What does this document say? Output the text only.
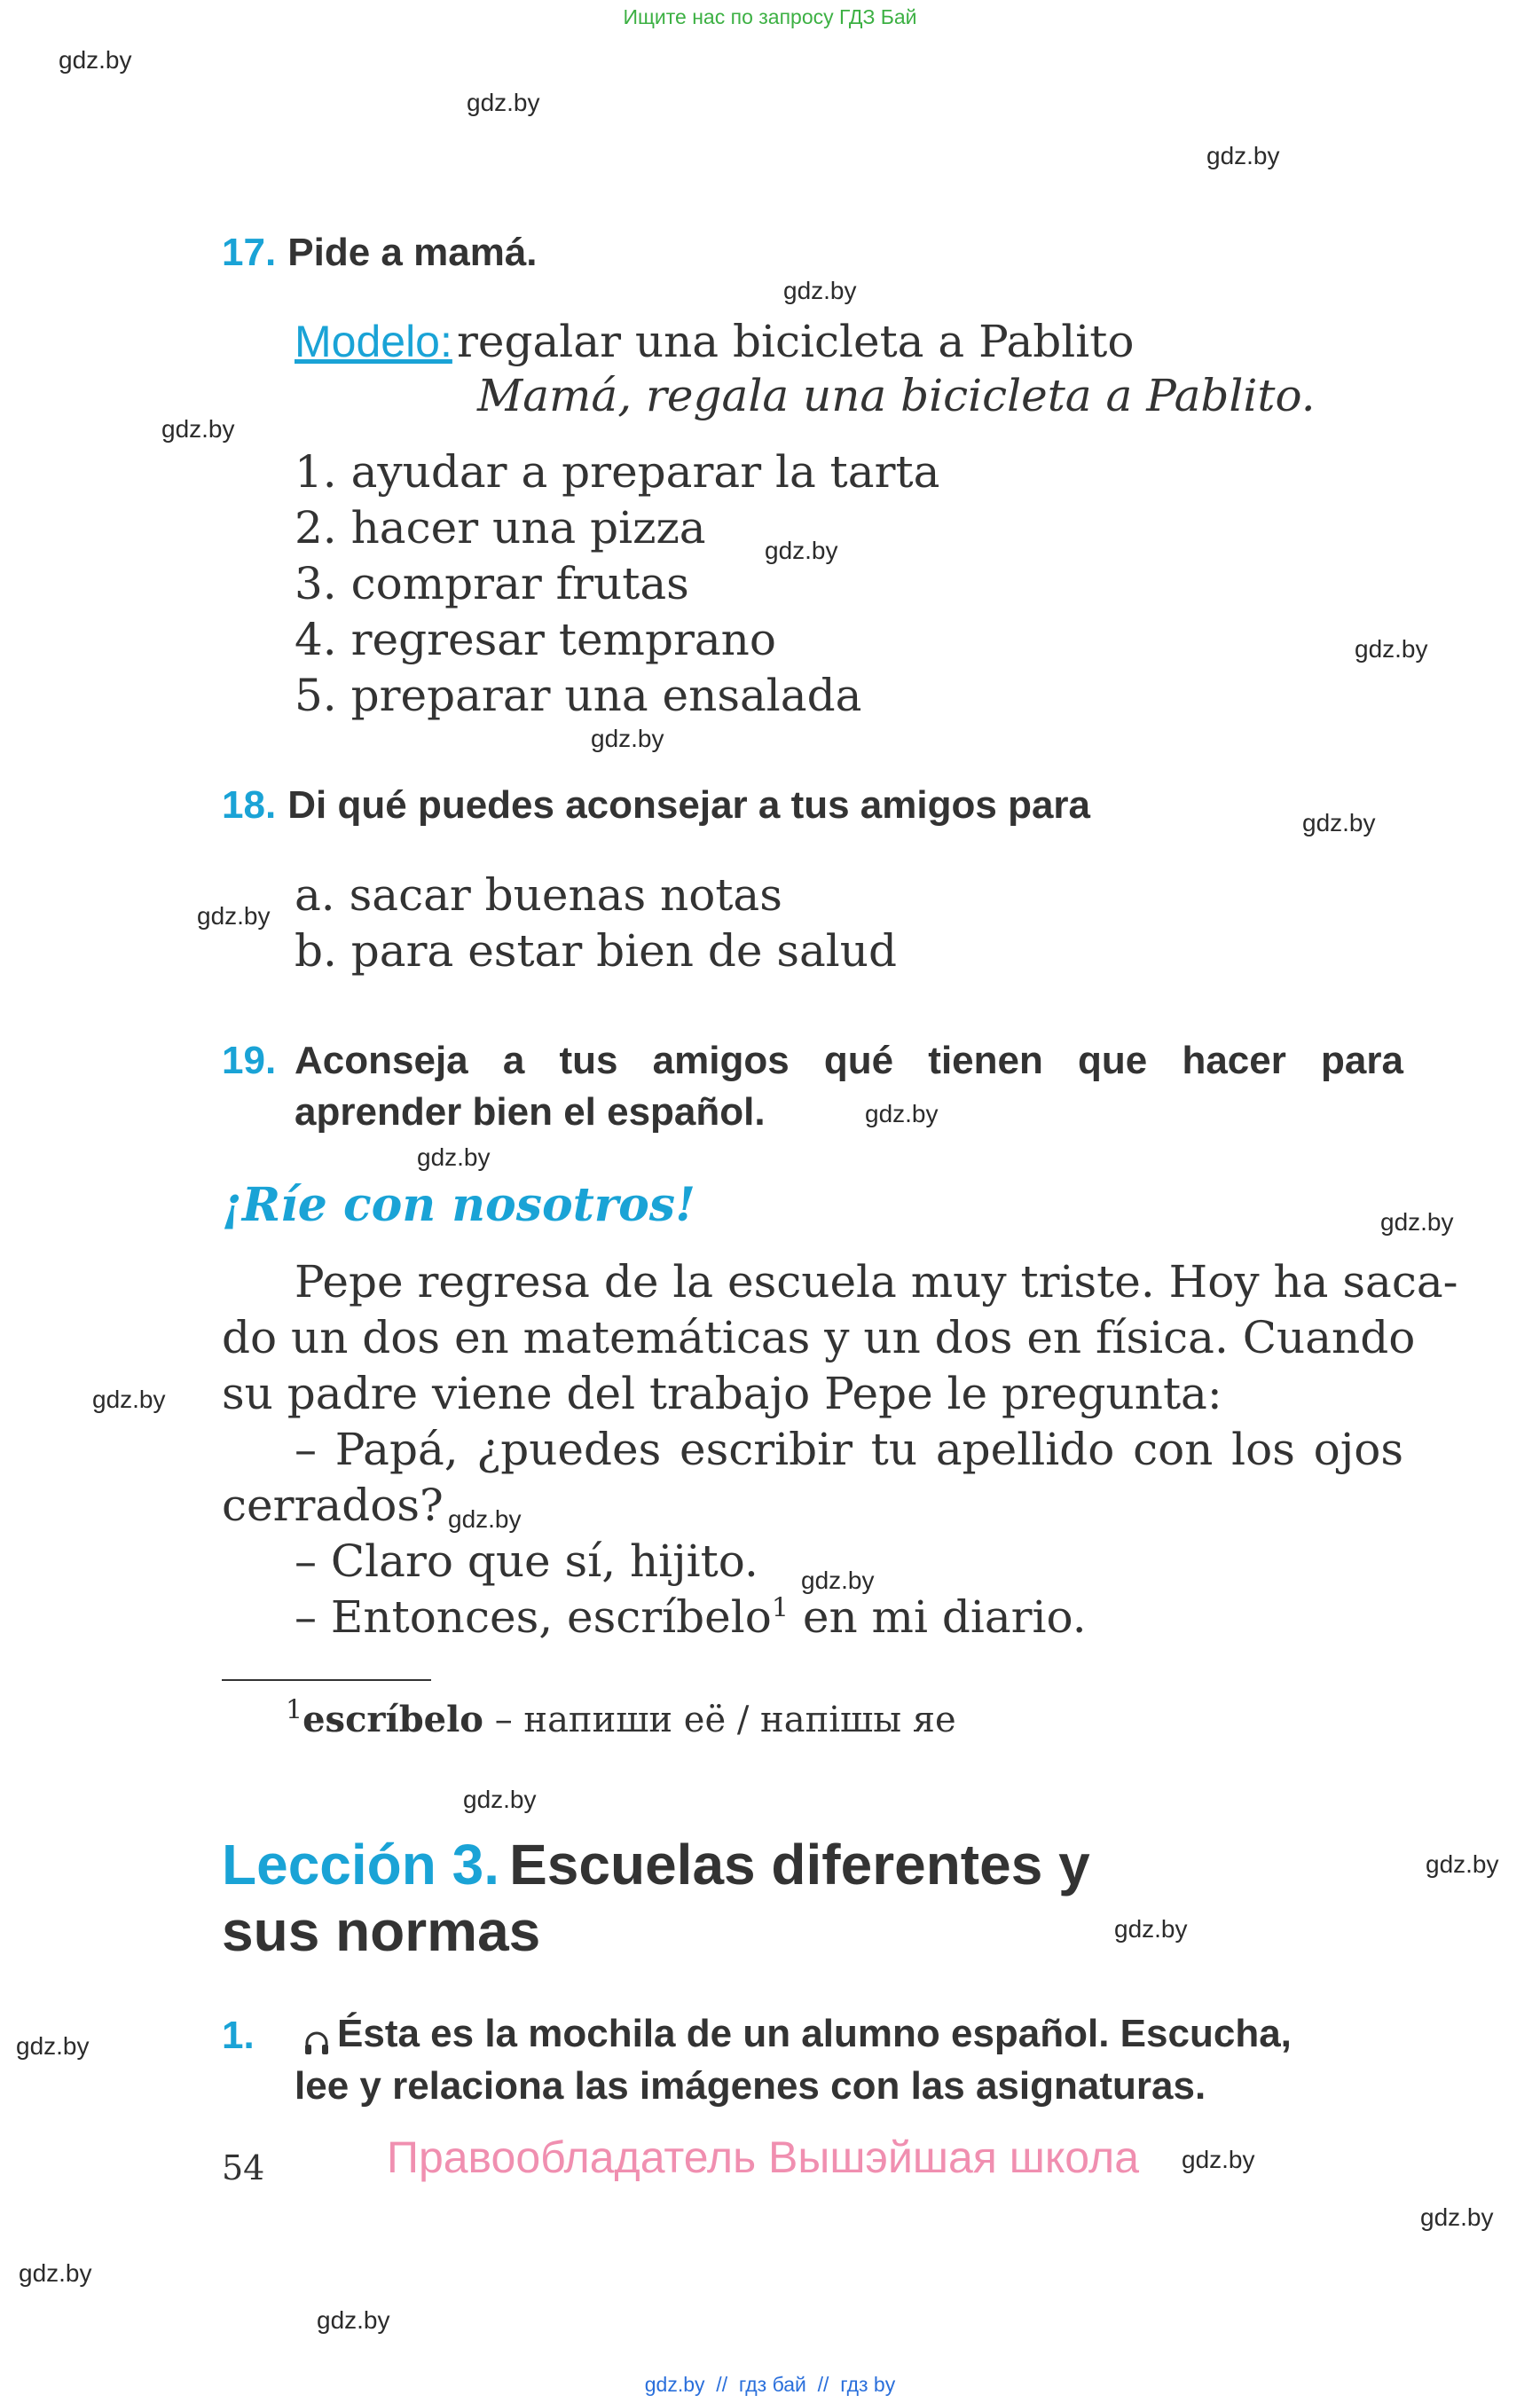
Ищите нас по запросу ГДЗ Бай
gdz.by
gdz.by
gdz.by
gdz.by
gdz.by
gdz.by
gdz.by
gdz.by
gdz.by
gdz.by
gdz.by
gdz.by
gdz.by
gdz.by
gdz.by
gdz.by
gdz.by
gdz.by
gdz.by
gdz.by
gdz.by
gdz.by
gdz.by
gdz.by
17. Pide a mamá.
Modelo: regalar una bicicleta a Pablito
Mamá, regala una bicicleta a Pablito.
1. ayudar a preparar la tarta
2. hacer una pizza
3. comprar frutas
4. regresar temprano
5. preparar una ensalada
18. Di qué puedes aconsejar a tus amigos para
a. sacar buenas notas
b. para estar bien de salud
19. Aconseja a tus amigos qué tienen que hacer para
aprender bien el español.
¡Ríe con nosotros!
Pepe regresa de la escuela muy triste. Hoy ha saca-
do un dos en matemáticas y un dos en física. Cuando
su padre viene del trabajo Pepe le pregunta:
– Papá, ¿puedes escribir tu apellido con los ojos
cerrados?
– Claro que sí, hijito.
– Entonces, escríbelo$^1$ en mi diario.
$^1$escríbelo – напиши её / напішы яе
Lección 3. Escuelas diferentes y
sus normas
1.	Ésta es la mochila de un alumno español. Escucha,
lee y relaciona las imágenes con las asignaturas.
54	Правообладатель Вышэйшая школа
gdz.by  //  гдз бай  //  гдз by
